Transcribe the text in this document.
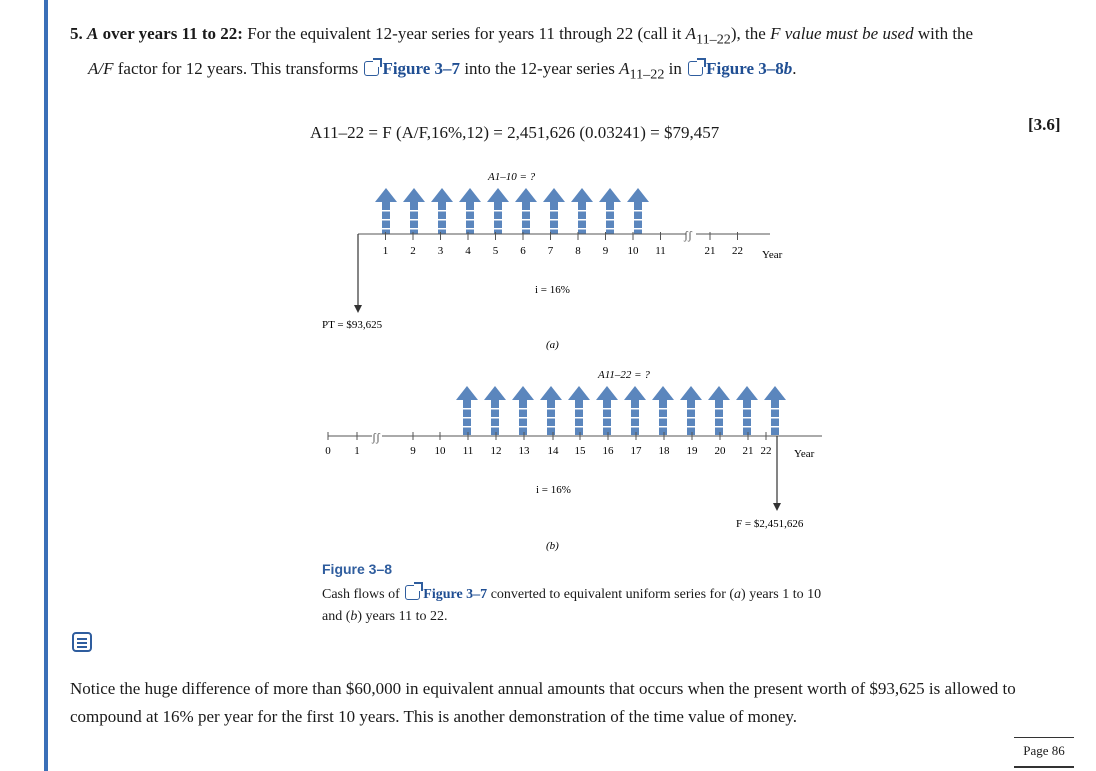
5. A over years 11 to 22: For the equivalent 12-year series for years 11 through 22 (call it $A_{11-22}$), the F value must be used with the
A/F factor for 12 years. This transforms Figure 3–7 into the 12-year series $A_{11-22}$ in Figure 3–8b.
A11–22 = F (A/F,16%,12) = 2,451,626 (0.03241) = $79,457	[3.6]
A1–10 = ?
ʃʃ
1 2 3 4 5 6 7 8 9 10 11	21 22 Year
i = 16%
PT = $93,625
(a)
A11–22 = ?
ʃʃ
0 1	9 10 11 12 13 14 15 16 17 18 19 20 21 22 Year
i = 16%
F = $2,451,626
(b)
Figure 3–8
Cash flows of Figure 3–7 converted to equivalent uniform series for (a) years 1 to 10 and (b) years 11 to 22.
Notice the huge difference of more than $60,000 in equivalent annual amounts that occurs when the present worth of $93,625 is allowed to compound at 16% per year for the first 10 years. This is another demonstration of the time value of money.
Page 86
